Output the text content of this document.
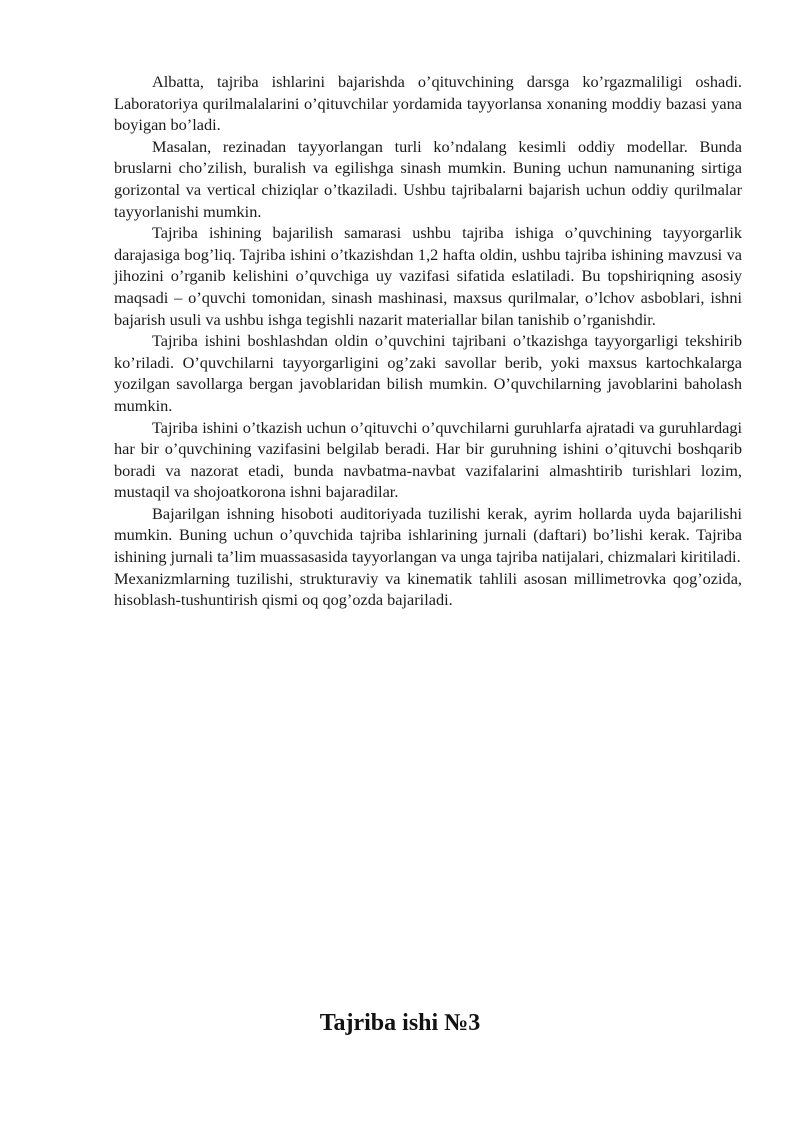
Albatta, tajriba ishlarini bajarishda o’qituvchining darsga ko’rgazmaliligi oshadi. Laboratoriya qurilmalalarini o’qituvchilar yordamida tayyorlansa xonaning moddiy bazasi yana boyigan bo’ladi.

Masalan, rezinadan tayyorlangan turli ko’ndalang kesimli oddiy modellar. Bunda bruslarni cho’zilish, buralish va egilishga sinash mumkin. Buning uchun namunaning sirtiga gorizontal va vertical chiziqlar o’tkaziladi. Ushbu tajribalarni bajarish uchun oddiy qurilmalar tayyorlanishi mumkin.

Tajriba ishining bajarilish samarasi ushbu tajriba ishiga o’quvchining tayyorgarlik darajasiga bog’liq. Tajriba ishini o’tkazishdan 1,2 hafta oldin, ushbu tajriba ishining mavzusi va jihozini o’rganib kelishini o’quvchiga uy vazifasi sifatida eslatiladi. Bu topshiriqning asosiy maqsadi – o’quvchi tomonidan, sinash mashinasi, maxsus qurilmalar, o’lchov asboblari, ishni bajarish usuli va ushbu ishga tegishli nazarit materiallar bilan tanishib o’rganishdir.

Tajriba ishini boshlashdan oldin o’quvchini tajribani o’tkazishga tayyorgarligi tekshirib ko’riladi. O’quvchilarni tayyorgarligini og’zaki savollar berib, yoki maxsus kartochkalarga yozilgan savollarga bergan javoblaridan bilish mumkin. O’quvchilarning javoblarini baholash mumkin.

Tajriba ishini o’tkazish uchun o’qituvchi o’quvchilarni guruhlarfa ajratadi va guruhlardagi har bir o’quvchining vazifasini belgilab beradi. Har bir guruhning ishini o’qituvchi boshqarib boradi va nazorat etadi, bunda navbatma-navbat vazifalarini almashtirib turishlari lozim, mustaqil va shojoatkorona ishni bajaradilar.

Bajarilgan ishning hisoboti auditoriyada tuzilishi kerak, ayrim hollarda uyda bajarilishi mumkin. Buning uchun o’quvchida tajriba ishlarining jurnali (daftari) bo’lishi kerak. Tajriba ishining jurnali ta’lim muassasasida tayyorlangan va unga tajriba natijalari, chizmalari kiritiladi.

Mexanizmlarning tuzilishi, strukturaviy va kinematik tahlili asosan millimetrovka qog’ozida, hisoblash-tushuntirish qismi oq qog’ozda bajariladi.

Tajriba ishi №3
